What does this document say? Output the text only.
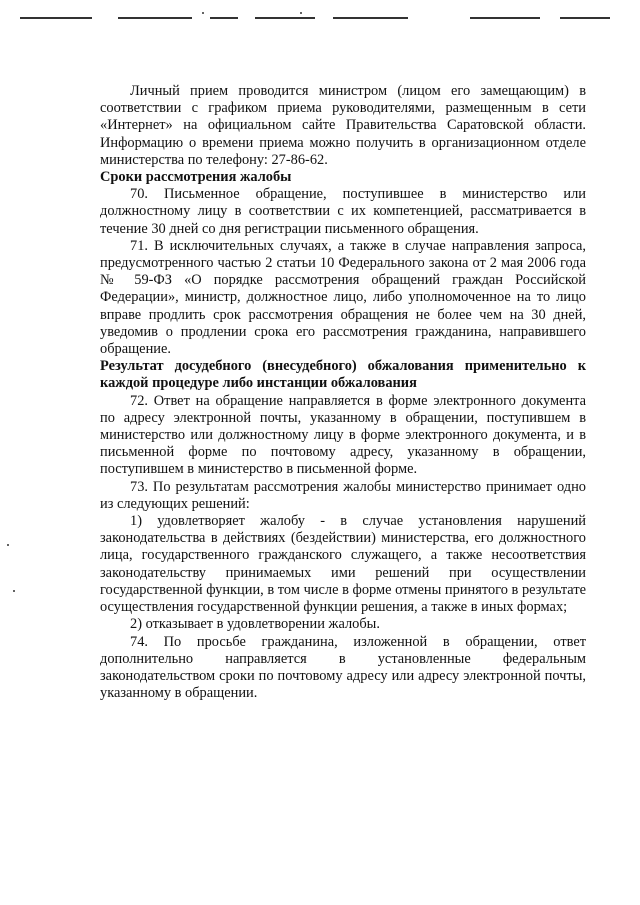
Личный прием проводится министром (лицом его замещающим) в соответствии с графиком приема руководителями, размещенным в сети «Интернет» на официальном сайте Правительства Саратовской области. Информацию о времени приема можно получить в организационном отделе министерства по телефону: 27-86-62.

Сроки рассмотрения жалобы

70. Письменное обращение, поступившее в министерство или должностному лицу в соответствии с их компетенцией, рассматривается в течение 30 дней со дня регистрации письменного обращения.

71. В исключительных случаях, а также в случае направления запроса, предусмотренного частью 2 статьи 10 Федерального закона от 2 мая 2006 года № 59-ФЗ «О порядке рассмотрения обращений граждан Российской Федерации», министр, должностное лицо, либо уполномоченное на то лицо вправе продлить срок рассмотрения обращения не более чем на 30 дней, уведомив о продлении срока его рассмотрения гражданина, направившего обращение.

Результат досудебного (внесудебного) обжалования применительно к каждой процедуре либо инстанции обжалования

72. Ответ на обращение направляется в форме электронного документа по адресу электронной почты, указанному в обращении, поступившем в министерство или должностному лицу в форме электронного документа, и в письменной форме по почтовому адресу, указанному в обращении, поступившем в министерство в письменной форме.

73. По результатам рассмотрения жалобы министерство принимает одно из следующих решений:

1) удовлетворяет жалобу - в случае установления нарушений законодательства в действиях (бездействии) министерства, его должностного лица, государственного гражданского служащего, а также несоответствия законодательству принимаемых ими решений при осуществлении государственной функции, в том числе в форме отмены принятого в результате осуществления государственной функции решения, а также в иных формах;

2) отказывает в удовлетворении жалобы.

74. По просьбе гражданина, изложенной в обращении, ответ дополнительно направляется в установленные федеральным законодательством сроки по почтовому адресу или адресу электронной почты, указанному в обращении.
